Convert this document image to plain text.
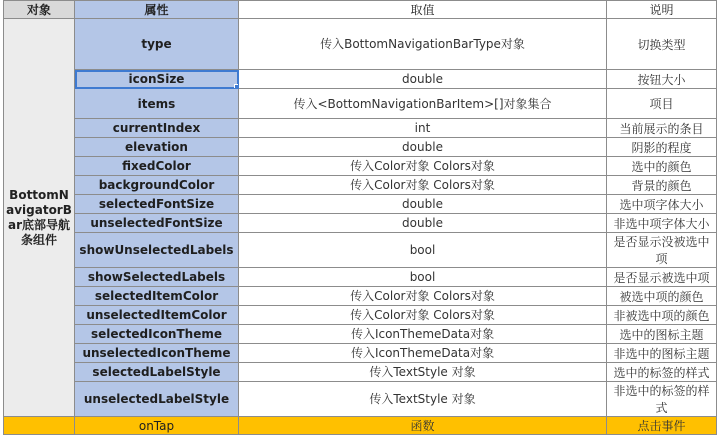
对象	属性	取值	说明
BottomNavigatorBar底部导航条组件	type	传入BottomNavigationBarType对象	切换类型
	iconSize	double	按钮大小
	items	传入<BottomNavigationBarItem>[]对象集合	项目
	currentIndex	int	当前展示的条目
	elevation	double	阴影的程度
	fixedColor	传入Color对象 Colors对象	选中的颜色
	backgroundColor	传入Color对象 Colors对象	背景的颜色
	selectedFontSize	double	选中项字体大小
	unselectedFontSize	double	非选中项字体大小
	showUnselectedLabels	bool	是否显示没被选中项
	showSelectedLabels	bool	是否显示被选中项
	selectedItemColor	传入Color对象 Colors对象	被选中项的颜色
	unselectedItemColor	传入Color对象 Colors对象	非被选中项的颜色
	selectedIconTheme	传入IconThemeData对象	选中的图标主题
	unselectedIconTheme	传入IconThemeData对象	非选中的图标主题
	selectedLabelStyle	传入TextStyle 对象	选中的标签的样式
	unselectedLabelStyle	传入TextStyle 对象	非选中的标签的样式
	onTap	函数	点击事件
